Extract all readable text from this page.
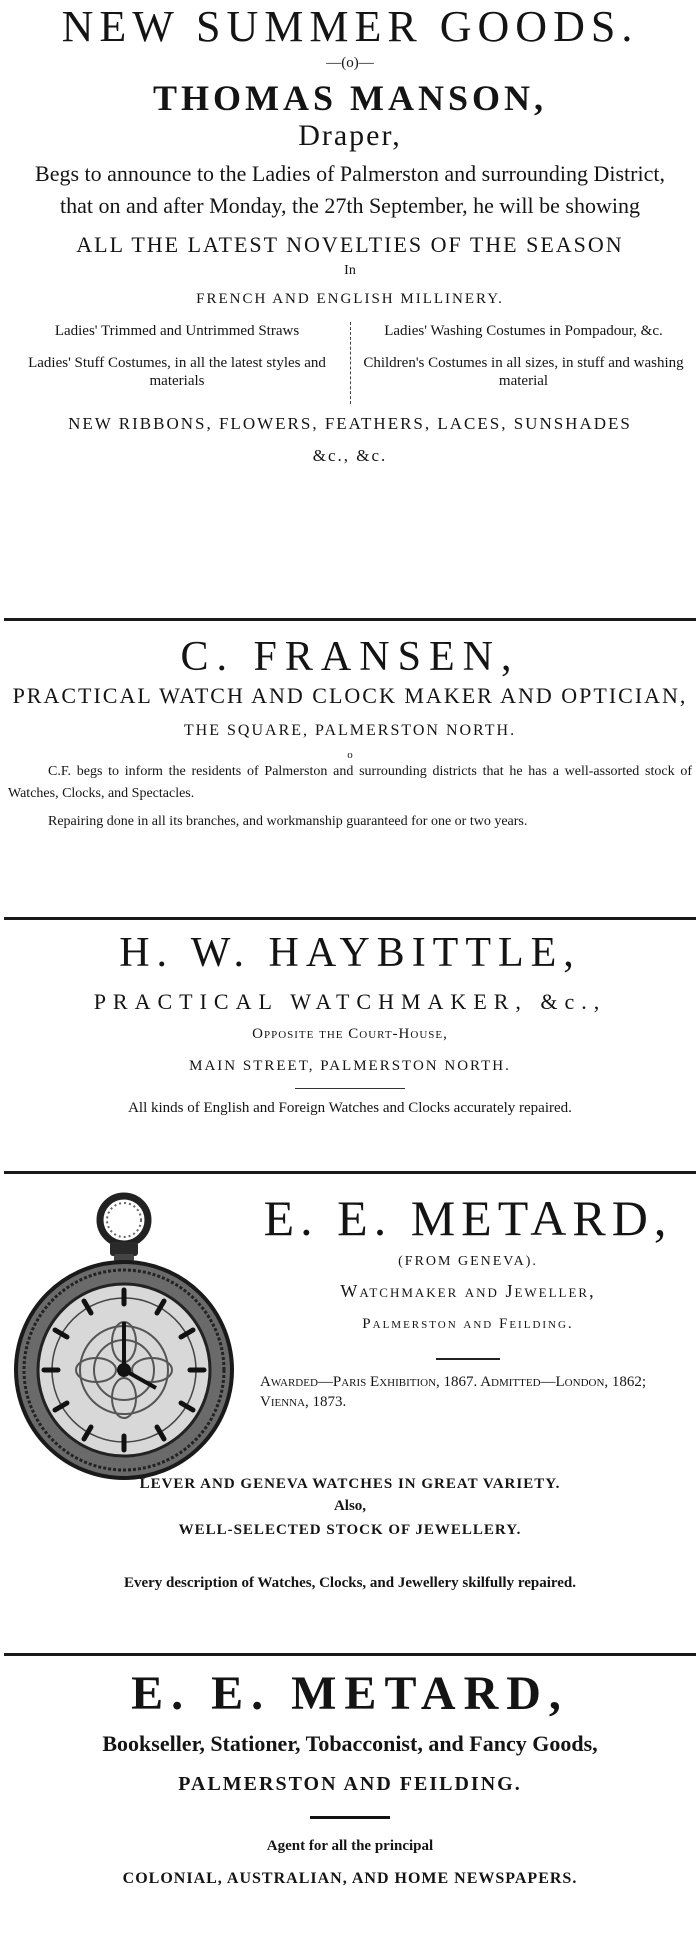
NEW SUMMER GOODS.
—(o)—
THOMAS MANSON,
Draper,
Begs to announce to the Ladies of Palmerston and surrounding District, that on and after Monday, the 27th September, he will be showing
ALL THE LATEST NOVELTIES OF THE SEASON
In
FRENCH AND ENGLISH MILLINERY.

Ladies' Trimmed and Untrimmed Straws

Ladies' Stuff Costumes, in all the latest styles and materials

Ladies' Washing Costumes in Pompadour, &c.

Children's Costumes in all sizes, in stuff and washing material

NEW RIBBONS, FLOWERS, FEATHERS, LACES, SUNSHADES
&c., &c.
C. FRANSEN,
PRACTICAL WATCH AND CLOCK MAKER AND OPTICIAN,
THE SQUARE, PALMERSTON NORTH.
o

C.F. begs to inform the residents of Palmerston and surrounding districts that he has a well-assorted stock of Watches, Clocks, and Spectacles.

Repairing done in all its branches, and workmanship guaranteed for one or two years.

H. W. HAYBITTLE,
PRACTICAL WATCHMAKER, &c.,
Opposite the Court-House,
MAIN STREET, PALMERSTON NORTH.
All kinds of English and Foreign Watches and Clocks accurately repaired.
E. E. METARD,
(FROM GENEVA).
Watchmaker and Jeweller,
Palmerston and Feilding.
Awarded—Paris Exhibition, 1867. Admitted—London, 1862; Vienna, 1873.
LEVER AND GENEVA WATCHES IN GREAT VARIETY.
Also,
WELL-SELECTED STOCK OF JEWELLERY.
Every description of Watches, Clocks, and Jewellery skilfully repaired.
E. E. METARD,
Bookseller, Stationer, Tobacconist, and Fancy Goods,
PALMERSTON AND FEILDING.
Agent for all the principal
COLONIAL, AUSTRALIAN, AND HOME NEWSPAPERS.
